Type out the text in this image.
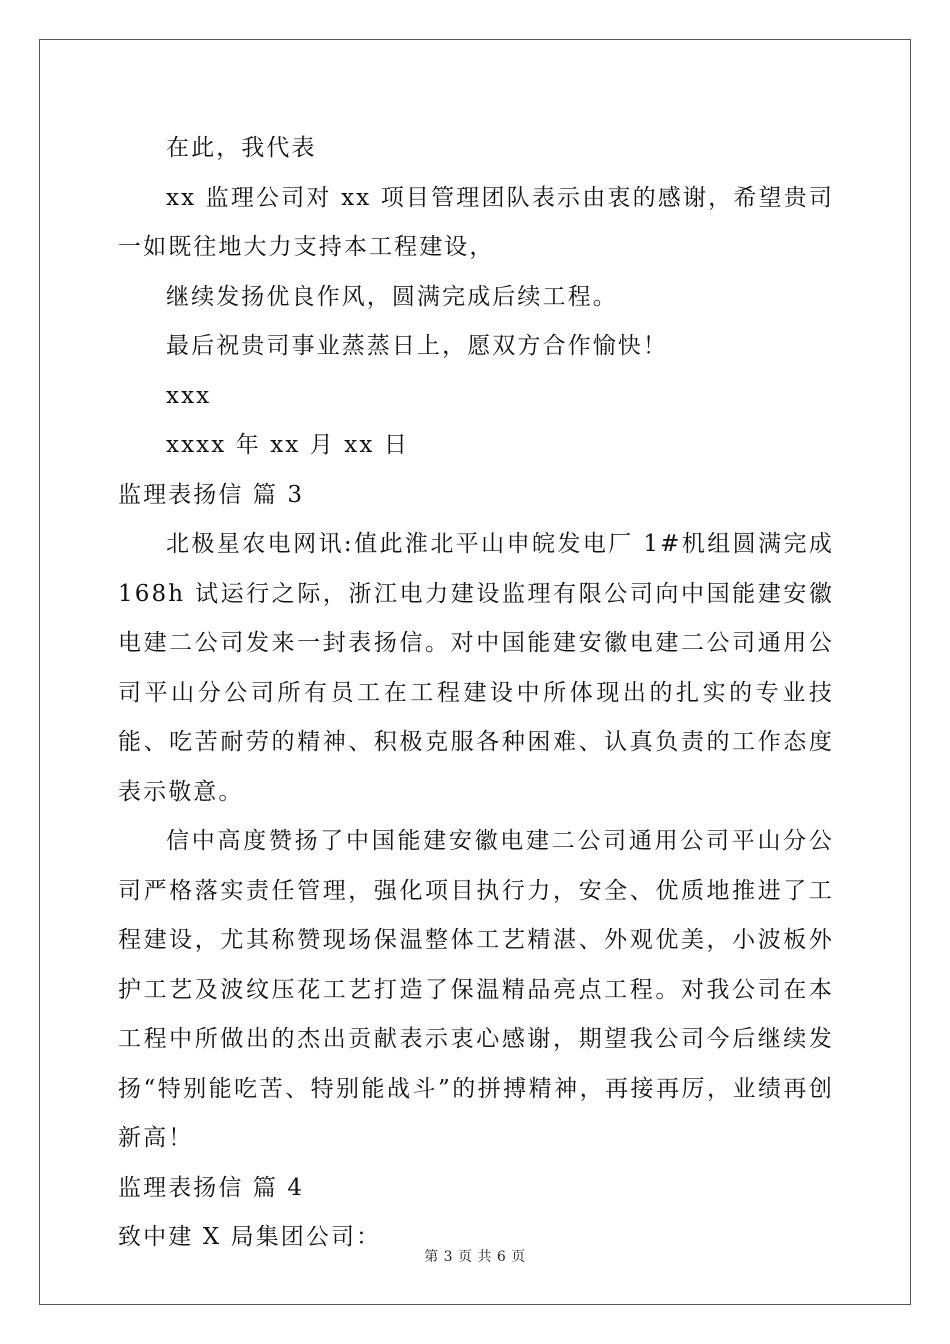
在此，我代表

xx 监理公司对 xx 项目管理团队表示由衷的感谢，希望贵司一如既往地大力支持本工程建设，

继续发扬优良作风，圆满完成后续工程。

最后祝贵司事业蒸蒸日上，愿双方合作愉快！

xxx

xxxx 年 xx 月 xx 日

监理表扬信 篇 3

北极星农电网讯:值此淮北平山申皖发电厂 1#机组圆满完成 168h 试运行之际，浙江电力建设监理有限公司向中国能建安徽电建二公司发来一封表扬信。对中国能建安徽电建二公司通用公司平山分公司所有员工在工程建设中所体现出的扎实的专业技能、吃苦耐劳的精神、积极克服各种困难、认真负责的工作态度表示敬意。

信中高度赞扬了中国能建安徽电建二公司通用公司平山分公司严格落实责任管理，强化项目执行力，安全、优质地推进了工程建设，尤其称赞现场保温整体工艺精湛、外观优美，小波板外护工艺及波纹压花工艺打造了保温精品亮点工程。对我公司在本工程中所做出的杰出贡献表示衷心感谢，期望我公司今后继续发扬“特别能吃苦、特别能战斗”的拼搏精神，再接再厉，业绩再创新高！

监理表扬信 篇 4

致中建 X 局集团公司：

第 3 页 共 6 页
